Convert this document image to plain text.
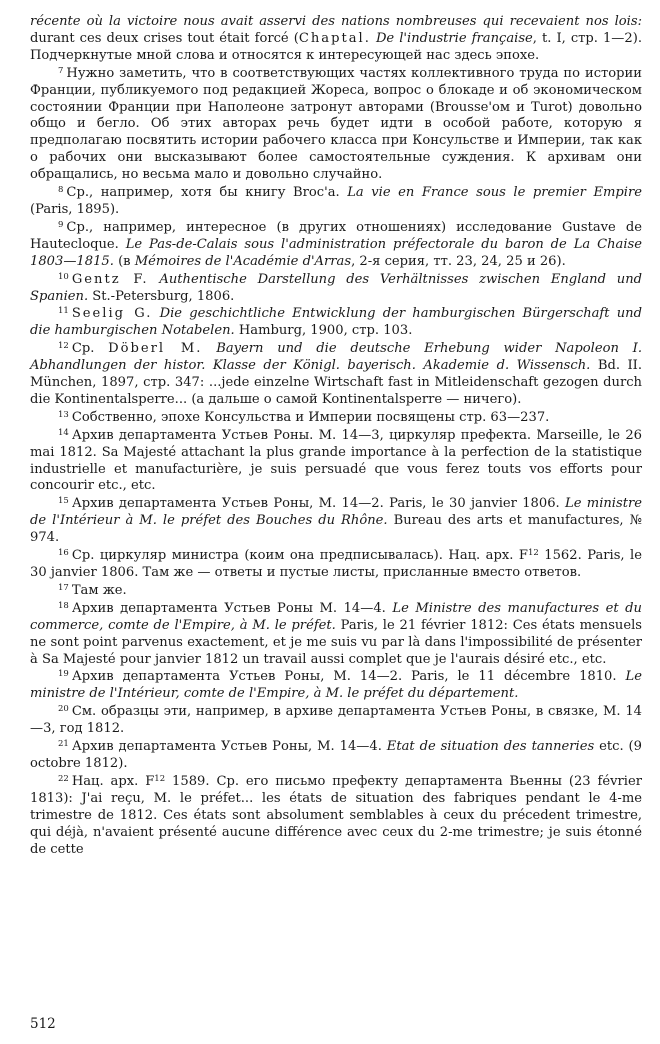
récente où la victoire nous avait asservi des nations nombreuses qui recevaient nos lois: durant ces deux crises tout était forcé (Chaptal. De l'industrie française, t. I, стр. 1—2). Подчеркнутые мной слова и относятся к интересующей нас здесь эпохе.

$^7$ Нужно заметить, что в соответствующих частях коллективного труда по истории Франции, публикуемого под редакцией Жореса, вопрос о блокаде и об экономическом состоянии Франции при Наполеоне затронут авторами (Brousse'ом и Turot) довольно общо и бегло. Об этих авторах речь будет идти в особой работе, которую я предполагаю посвятить истории рабочего класса при Консульстве и Империи, так как о рабочих они высказывают более самостоятельные суждения. К архивам они обращались, но весьма мало и довольно случайно.

$^8$ Ср., например, хотя бы книгу Broc'a. La vie en France sous le premier Empire (Paris, 1895).

$^9$ Ср., например, интересное (в других отношениях) исследование Gustave de Hautecloque. Le Pas-de-Calais sous l'administration préfectorale du baron de La Chaise 1803—1815. (в Mémoires de l'Académie d'Arras, 2-я серия, тт. 23, 24, 25 и 26).

$^{10}$ Gentz F. Authentische Darstellung des Verhältnisses zwischen England und Spanien. St.-Petersburg, 1806.

$^{11}$ Seelig G. Die geschichtliche Entwicklung der hamburgischen Bürgerschaft und die hamburgischen Notabelen. Hamburg, 1900, стр. 103.

$^{12}$ Ср. Döberl M. Bayern und die deutsche Erhebung wider Napoleon I. Abhandlungen der histor. Klasse der Königl. bayerisch. Akademie d. Wissensch. Bd. II. München, 1897, стр. 347: ...jede einzelne Wirtschaft fast in Mitleidenschaft gezogen durch die Kontinentalsperre... (а дальше о самой Kontinentalsperre — ничего).

$^{13}$ Собственно, эпохе Консульства и Империи посвящены стр. 63—237.

$^{14}$ Архив департамента Устьев Роны. М. 14—3, циркуляр префекта. Marseille, le 26 mai 1812. Sa Majesté attachant la plus grande importance à la perfection de la statistique industrielle et manufacturière, je suis persuadé que vous ferez touts vos efforts pour concourir etc., etc.

$^{15}$ Архив департамента Устьев Роны, М. 14—2. Paris, le 30 janvier 1806. Le ministre de l'Intérieur à M. le préfet des Bouches du Rhône. Bureau des arts et manufactures, № 974.

$^{16}$ Ср. циркуляр министра (коим она предписывалась). Нац. арх. $F^{12}$ 1562. Paris, le 30 janvier 1806. Там же — ответы и пустые листы, присланные вместо ответов.

$^{17}$ Там же.

$^{18}$ Архив департамента Устьев Роны М. 14—4. Le Ministre des manufactures et du commerce, comte de l'Empire, à M. le préfet. Paris, le 21 février 1812: Ces états mensuels ne sont point parvenus exactement, et je me suis vu par là dans l'impossibilité de présenter à Sa Majesté pour janvier 1812 un travail aussi complet que je l'aurais désiré etc., etc.

$^{19}$ Архив департамента Устьев Роны, М. 14—2. Paris, le 11 décembre 1810. Le ministre de l'Intérieur, comte de l'Empire, à M. le préfet du département.

$^{20}$ См. образцы эти, например, в архиве департамента Устьев Роны, в связке, М. 14—3, год 1812.

$^{21}$ Архив департамента Устьев Роны, М. 14—4. Etat de situation des tanneries etc. (9 octobre 1812).

$^{22}$ Нац. арх. $F^{12}$ 1589. Ср. его письмо префекту департамента Вьенны (23 février 1813): J'ai reçu, M. le préfet... les états de situation des fabriques pendant le 4-me trimestre de 1812. Ces états sont absolument semblables à ceux du précedent trimestre, qui déjà, n'avaient présenté aucune différence avec ceux du 2-me trimestre; je suis étonné de cette

512
